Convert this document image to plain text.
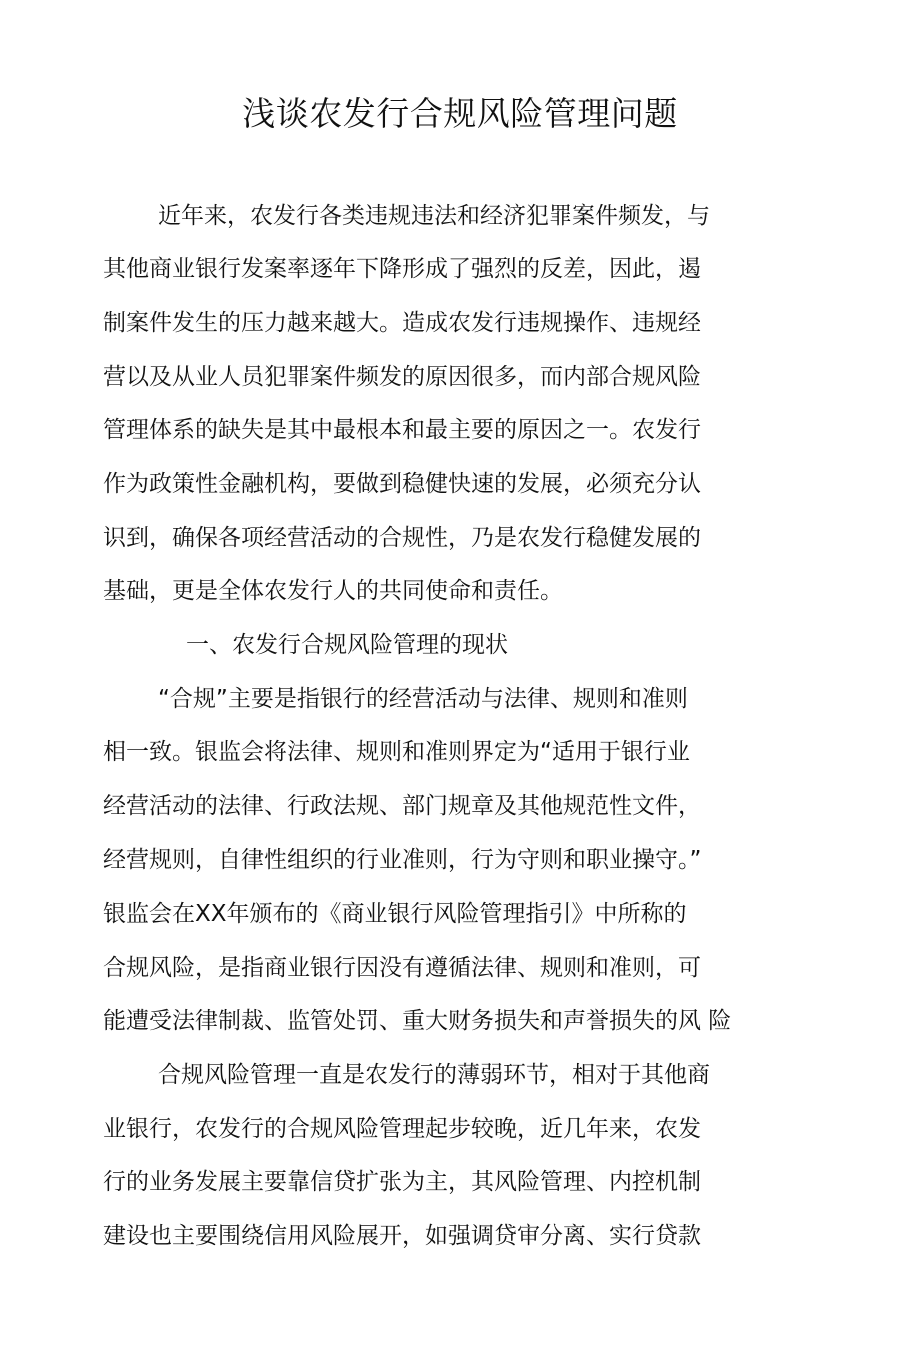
浅谈农发行合规风险管理问题
近年来，农发行各类违规违法和经济犯罪案件频发，与
其他商业银行发案率逐年下降形成了强烈的反差，因此，遏
制案件发生的压力越来越大。造成农发行违规操作、违规经
营以及从业人员犯罪案件频发的原因很多，而内部合规风险
管理体系的缺失是其中最根本和最主要的原因之一。农发行
作为政策性金融机构，要做到稳健快速的发展，必须充分认
识到，确保各项经营活动的合规性，乃是农发行稳健发展的
基础，更是全体农发行人的共同使命和责任。
一、农发行合规风险管理的现状
“合规”主要是指银行的经营活动与法律、规则和准则
相一致。银监会将法律、规则和准则界定为“适用于银行业
经营活动的法律、行政法规、部门规章及其他规范性文件，
经营规则，自律性组织的行业准则，行为守则和职业操守。”
银监会在XX年颁布的《商业银行风险管理指引》中所称的
合规风险，是指商业银行因没有遵循法律、规则和准则，可
能遭受法律制裁、监管处罚、重大财务损失和声誉损失的风 险
合规风险管理一直是农发行的薄弱环节，相对于其他商
业银行，农发行的合规风险管理起步较晚，近几年来，农发
行的业务发展主要靠信贷扩张为主，其风险管理、内控机制
建设也主要围绕信用风险展开，如强调贷审分离、实行贷款
